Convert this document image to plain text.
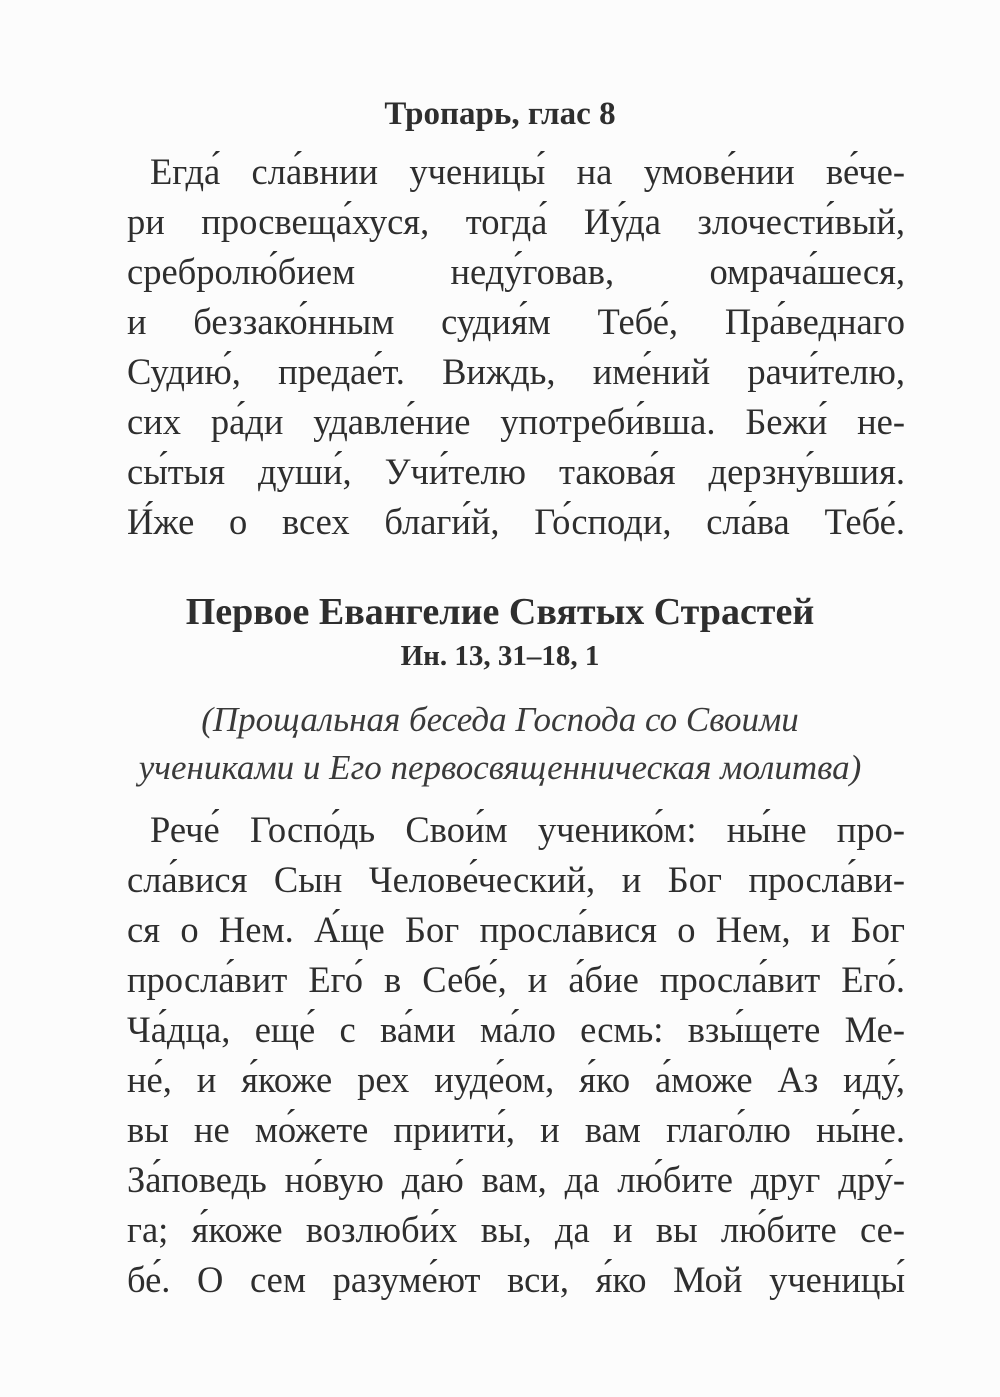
Тропарь, глас 8
Егда́ сла́внии ученицы́ на умове́нии ве́че-
ри просвеща́хуся, тогда́ Иу́да злочести́вый,
сребролю́бием неду́говав, омрача́шеся,
и беззако́нным судия́м Тебе́, Пра́веднаго
Судию́, предае́т. Виждь, име́ний рачи́телю,
сих ра́ди удавле́ние употреби́вша. Бежи́ не-
сы́тыя души́, Учи́телю такова́я дерзну́вшия.
И́же о всех благи́й, Го́споди, сла́ва Тебе́.
Первое Евангелие Святых Страстей
Ин. 13, 31–18, 1
(Прощальная беседа Господа со Своими
учениками и Его первосвященническая молитва)
Рече́ Госпо́дь Свои́м ученико́м: ны́не про-
сла́вися Сын Челове́ческий, и Бог просла́ви-
ся о Нем. А́ще Бог просла́вися о Нем, и Бог
просла́вит Его́ в Себе́, и а́бие просла́вит Его́.
Ча́дца, еще́ с ва́ми ма́ло есмь: взы́щете Ме-
не́, и я́коже рех иуде́ом, я́ко а́може Аз иду́,
вы не мо́жете приити́, и вам глаго́лю ны́не.
За́поведь но́вую даю́ вам, да лю́бите друг дру́-
га; я́коже возлюби́х вы, да и вы лю́бите се-
бе́. О сем разуме́ют вси, я́ко Мой ученицы́
